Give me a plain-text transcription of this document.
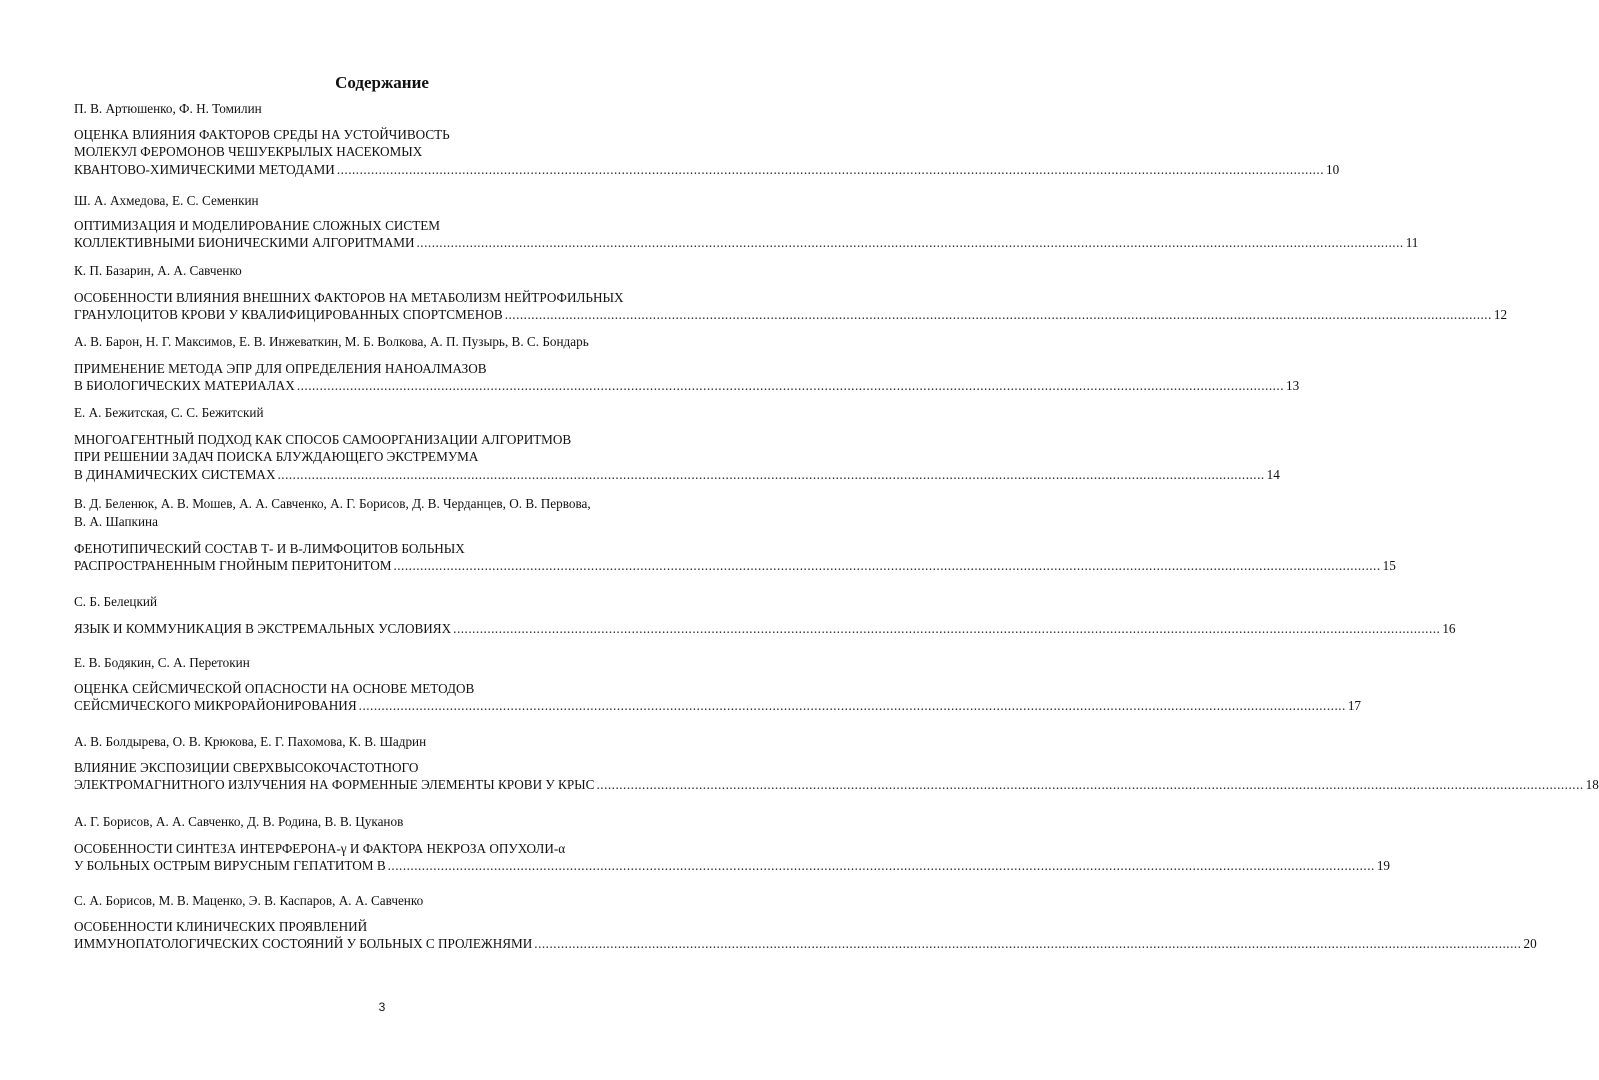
Содержание
П. В. Артюшенко, Ф. Н. Томилин
ОЦЕНКА ВЛИЯНИЯ ФАКТОРОВ СРЕДЫ НА УСТОЙЧИВОСТЬ
МОЛЕКУЛ ФЕРОМОНОВ ЧЕШУЕКРЫЛЫХ НАСЕКОМЫХ
КВАНТОВО-ХИМИЧЕСКИМИ МЕТОДАМИ .................................................................................................................................................................................................................................................................... 10
Ш. А. Ахмедова, Е. С. Семенкин
ОПТИМИЗАЦИЯ И МОДЕЛИРОВАНИЕ СЛОЖНЫХ СИСТЕМ
КОЛЛЕКТИВНЫМИ БИОНИЧЕСКИМИ АЛГОРИТМАМИ .................................................................................................................................................................................................................................................................... 11
К. П. Базарин, А. А. Савченко
ОСОБЕННОСТИ ВЛИЯНИЯ ВНЕШНИХ ФАКТОРОВ НА МЕТАБОЛИЗМ НЕЙТРОФИЛЬНЫХ
ГРАНУЛОЦИТОВ КРОВИ У КВАЛИФИЦИРОВАННЫХ СПОРТСМЕНОВ .................................................................................................................................................................................................................................................................... 12
А. В. Барон, Н. Г. Максимов, Е. В. Инжеваткин, М. Б. Волкова, А. П. Пузырь, В. С. Бондарь
ПРИМЕНЕНИЕ МЕТОДА ЭПР ДЛЯ ОПРЕДЕЛЕНИЯ НАНОАЛМАЗОВ
В БИОЛОГИЧЕСКИХ МАТЕРИАЛАХ .................................................................................................................................................................................................................................................................... 13
Е. А. Бежитская, С. С. Бежитский
МНОГОАГЕНТНЫЙ ПОДХОД КАК СПОСОБ САМООРГАНИЗАЦИИ АЛГОРИТМОВ
ПРИ РЕШЕНИИ ЗАДАЧ ПОИСКА БЛУЖДАЮЩЕГО ЭКСТРЕМУМА
В ДИНАМИЧЕСКИХ СИСТЕМАХ .................................................................................................................................................................................................................................................................... 14
В. Д. Беленюк, А. В. Мошев, А. А. Савченко, А. Г. Борисов, Д. В. Черданцев, О. В. Первова,
В. А. Шапкина
ФЕНОТИПИЧЕСКИЙ СОСТАВ Т- И В-ЛИМФОЦИТОВ БОЛЬНЫХ
РАСПРОСТРАНЕННЫМ ГНОЙНЫМ ПЕРИТОНИТОМ .................................................................................................................................................................................................................................................................... 15
С. Б. Белецкий
ЯЗЫК И КОММУНИКАЦИЯ В ЭКСТРЕМАЛЬНЫХ УСЛОВИЯХ .................................................................................................................................................................................................................................................................... 16
Е. В. Бодякин, С. А. Перетокин
ОЦЕНКА СЕЙСМИЧЕСКОЙ ОПАСНОСТИ НА ОСНОВЕ МЕТОДОВ
СЕЙСМИЧЕСКОГО МИКРОРАЙОНИРОВАНИЯ .................................................................................................................................................................................................................................................................... 17
А. В. Болдырева, О. В. Крюкова, Е. Г. Пахомова, К. В. Шадрин
ВЛИЯНИЕ ЭКСПОЗИЦИИ СВЕРХВЫСОКОЧАСТОТНОГО
ЭЛЕКТРОМАГНИТНОГО ИЗЛУЧЕНИЯ НА ФОРМЕННЫЕ ЭЛЕМЕНТЫ КРОВИ У КРЫС .................................................................................................................................................................................................................................................................... 18
А. Г. Борисов, А. А. Савченко, Д. В. Родина, В. В. Цуканов
ОСОБЕННОСТИ СИНТЕЗА ИНТЕРФЕРОНА-γ И ФАКТОРА НЕКРОЗА ОПУХОЛИ-α
У БОЛЬНЫХ ОСТРЫМ ВИРУСНЫМ ГЕПАТИТОМ В .................................................................................................................................................................................................................................................................... 19
С. А. Борисов, М. В. Маценко, Э. В. Каспаров, А. А. Савченко
ОСОБЕННОСТИ КЛИНИЧЕСКИХ ПРОЯВЛЕНИЙ
ИММУНОПАТОЛОГИЧЕСКИХ СОСТОЯНИЙ У БОЛЬНЫХ С ПРОЛЕЖНЯМИ .................................................................................................................................................................................................................................................................... 20
3
